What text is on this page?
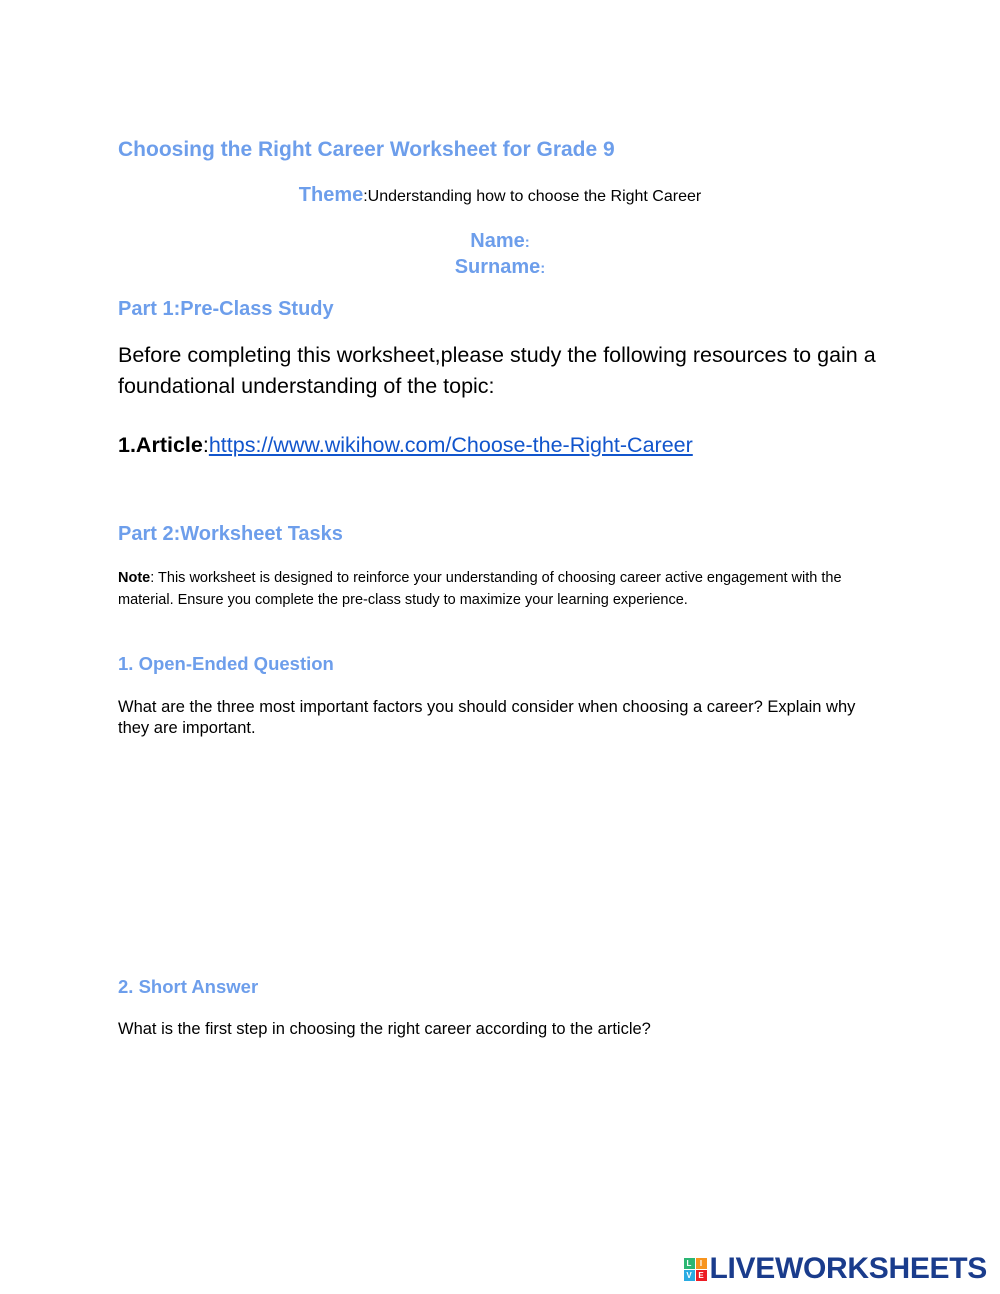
Choosing the Right Career Worksheet for Grade 9
Theme:Understanding how to choose the Right Career
Name:
Surname:
Part 1:Pre-Class Study

Before completing this worksheet,please study the following resources to gain a foundational understanding of the topic:

1.Article:https://www.wikihow.com/Choose-the-Right-Career
Part 2:Worksheet Tasks

Note: This worksheet is designed to reinforce your understanding of choosing career active engagement with the material. Ensure you complete the pre-class study to maximize your learning experience.

1. Open-Ended Question

What are the three most important factors you should consider when choosing a career? Explain why they are important.

2. Short Answer

What is the first step in choosing the right career according to the article?

L	I
V E LIVEWORKSHEETS
